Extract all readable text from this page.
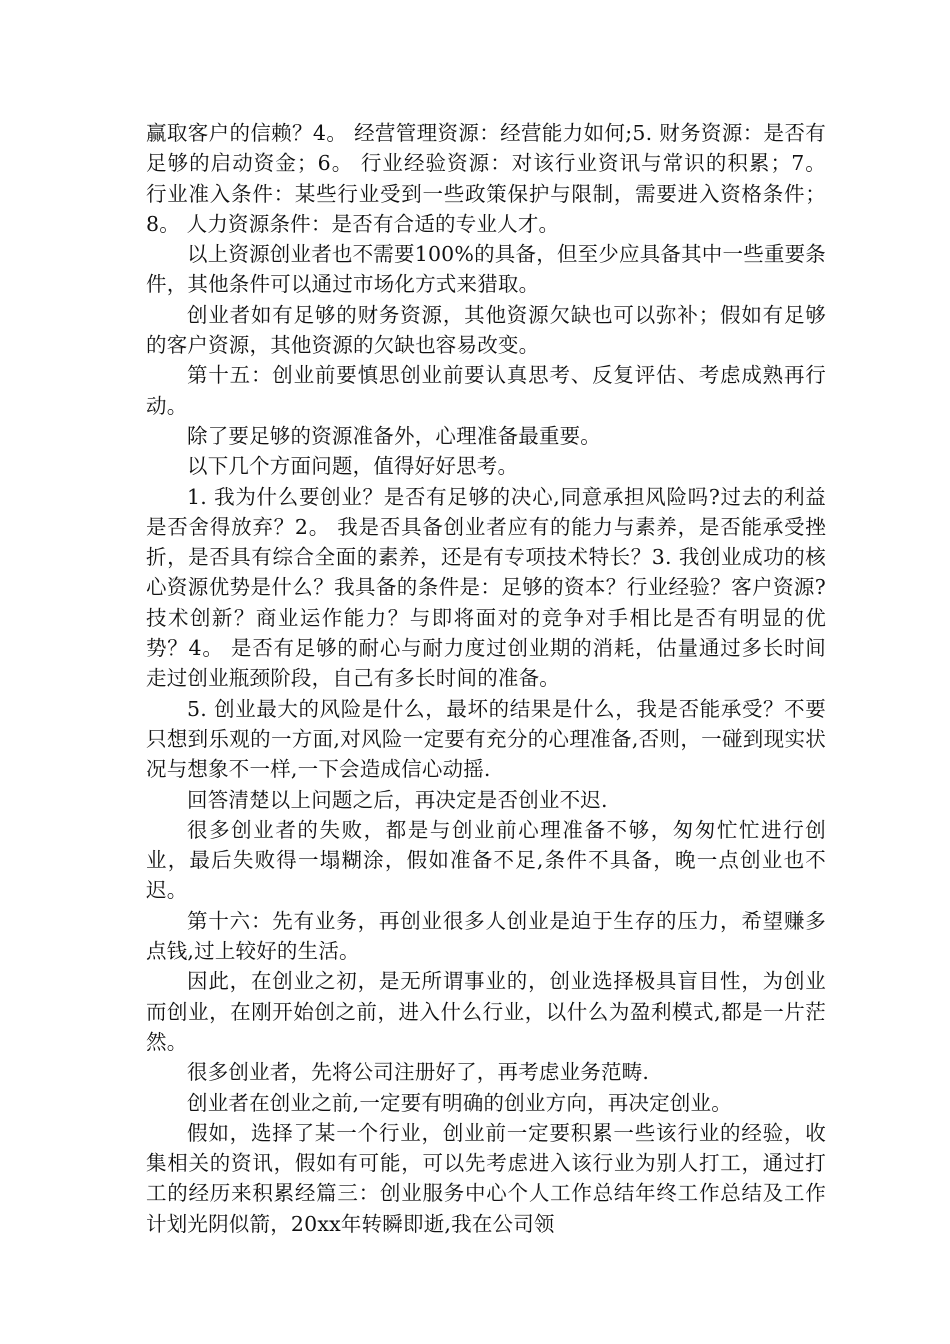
赢取客户的信赖？4。 经营管理资源：经营能力如何;5. 财务资源：是否有足够的启动资金；6。 行业经验资源：对该行业资讯与常识的积累；7。 行业准入条件：某些行业受到一些政策保护与限制，需要进入资格条件；8。 人力资源条件：是否有合适的专业人才。

以上资源创业者也不需要100%的具备，但至少应具备其中一些重要条件，其他条件可以通过市场化方式来猎取。

创业者如有足够的财务资源，其他资源欠缺也可以弥补；假如有足够的客户资源，其他资源的欠缺也容易改变。

第十五：创业前要慎思创业前要认真思考、反复评估、考虑成熟再行动。

除了要足够的资源准备外，心理准备最重要。

以下几个方面问题，值得好好思考。

1. 我为什么要创业？是否有足够的决心,同意承担风险吗?过去的利益是否舍得放弃？2。 我是否具备创业者应有的能力与素养，是否能承受挫折，是否具有综合全面的素养，还是有专项技术特长？3. 我创业成功的核心资源优势是什么？我具备的条件是：足够的资本？行业经验？客户资源?技术创新？商业运作能力？与即将面对的竞争对手相比是否有明显的优势？4。 是否有足够的耐心与耐力度过创业期的消耗，估量通过多长时间走过创业瓶颈阶段，自己有多长时间的准备。

5. 创业最大的风险是什么，最坏的结果是什么，我是否能承受？不要只想到乐观的一方面,对风险一定要有充分的心理准备,否则，一碰到现实状况与想象不一样,一下会造成信心动摇.

回答清楚以上问题之后，再决定是否创业不迟.

很多创业者的失败，都是与创业前心理准备不够，匆匆忙忙进行创业，最后失败得一塌糊涂，假如准备不足,条件不具备，晚一点创业也不迟。

第十六：先有业务，再创业很多人创业是迫于生存的压力，希望赚多点钱,过上较好的生活。

因此，在创业之初，是无所谓事业的，创业选择极具盲目性，为创业而创业，在刚开始创之前，进入什么行业，以什么为盈利模式,都是一片茫然。

很多创业者，先将公司注册好了，再考虑业务范畴.

创业者在创业之前,一定要有明确的创业方向，再决定创业。

假如，选择了某一个行业，创业前一定要积累一些该行业的经验，收集相关的资讯，假如有可能，可以先考虑进入该行业为别人打工，通过打工的经历来积累经篇三：创业服务中心个人工作总结年终工作总结及工作计划光阴似箭，20xx年转瞬即逝,我在公司领
